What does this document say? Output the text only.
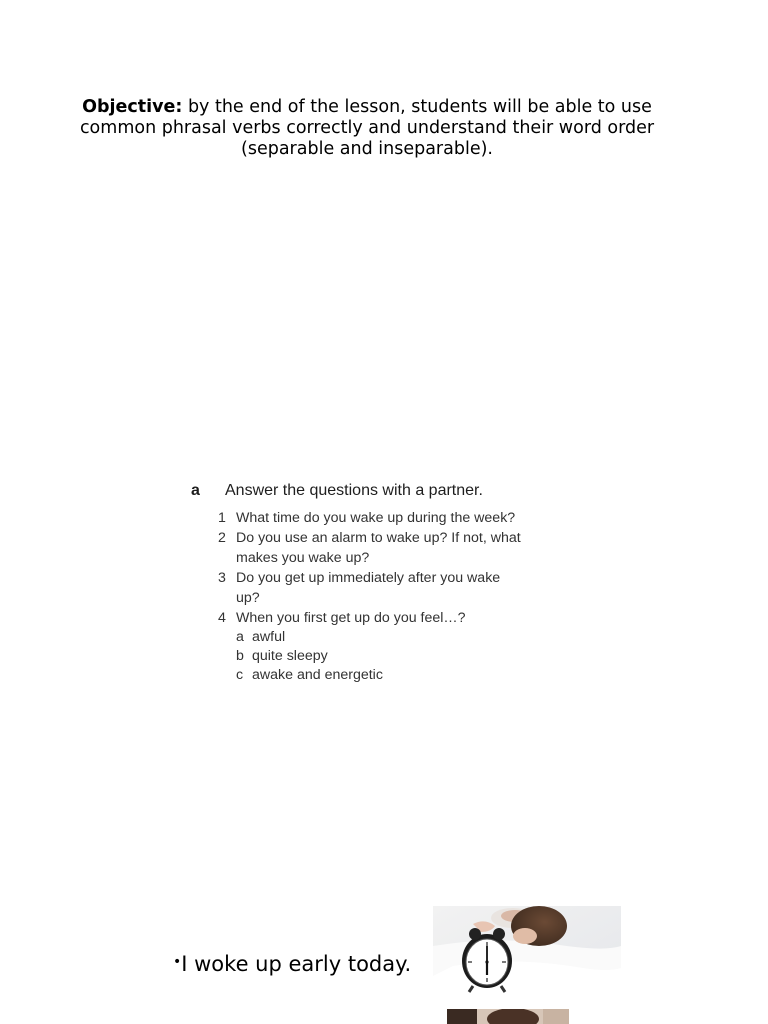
Objective: by the end of the lesson, students will be able to use common phrasal verbs correctly and understand their word order (separable and inseparable).
a	Answer the questions with a partner.
1 What time do you wake up during the week?
2 Do you use an alarm to wake up? If not, what makes you wake up?
3 Do you get up immediately after you wake up?
4 When you first get up do you feel…?
a awful
b quite sleepy
c awake and energetic
•I woke up early today.
